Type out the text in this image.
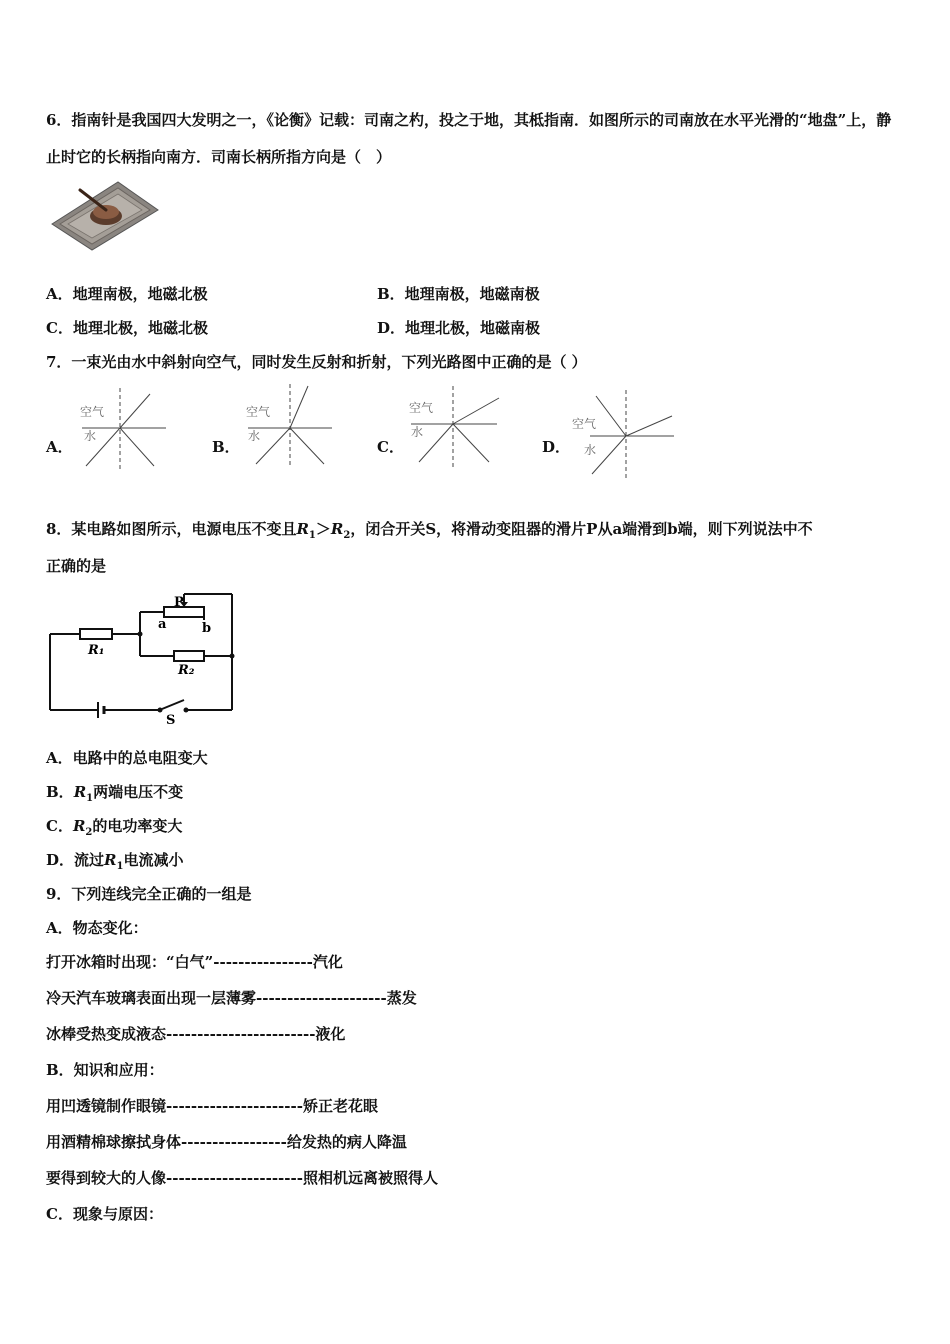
6．指南针是我国四大发明之一，《论衡》记载：司南之杓，投之于地，其柢指南．如图所示的司南放在水平光滑的“地盘”上，静止时它的长柄指向南方．司南长柄所指方向是（　）
A．地理南极，地磁北极	B．地理南极，地磁南极
C．地理北极，地磁北极	D．地理北极，地磁南极
7．一束光由水中斜射向空气，同时发生反射和折射，下列光路图中正确的是（ ）
A．
空气
水
B．
空气
水
C．
空气
水
D．
空气
水
8．某电路如图所示，电源电压不变且$R_1>R_2$，闭合开关S，将滑动变阻器的滑片P从a端滑到b端，则下列说法中不
正确的是
P
a	b
R₁
R₂
S
A．电路中的总电阻变大
B．$R_1$两端电压不变
C．$R_2$的电功率变大
D．流过$R_1$电流减小
9．下列连线完全正确的一组是
A．物态变化：
打开冰箱时出现：“白气”----------------汽化
冷天汽车玻璃表面出现一层薄雾---------------------蒸发
冰棒受热变成液态------------------------液化
B．知识和应用：
用凹透镜制作眼镜----------------------矫正老花眼
用酒精棉球擦拭身体-----------------给发热的病人降温
要得到较大的人像----------------------照相机远离被照得人
C．现象与原因：
